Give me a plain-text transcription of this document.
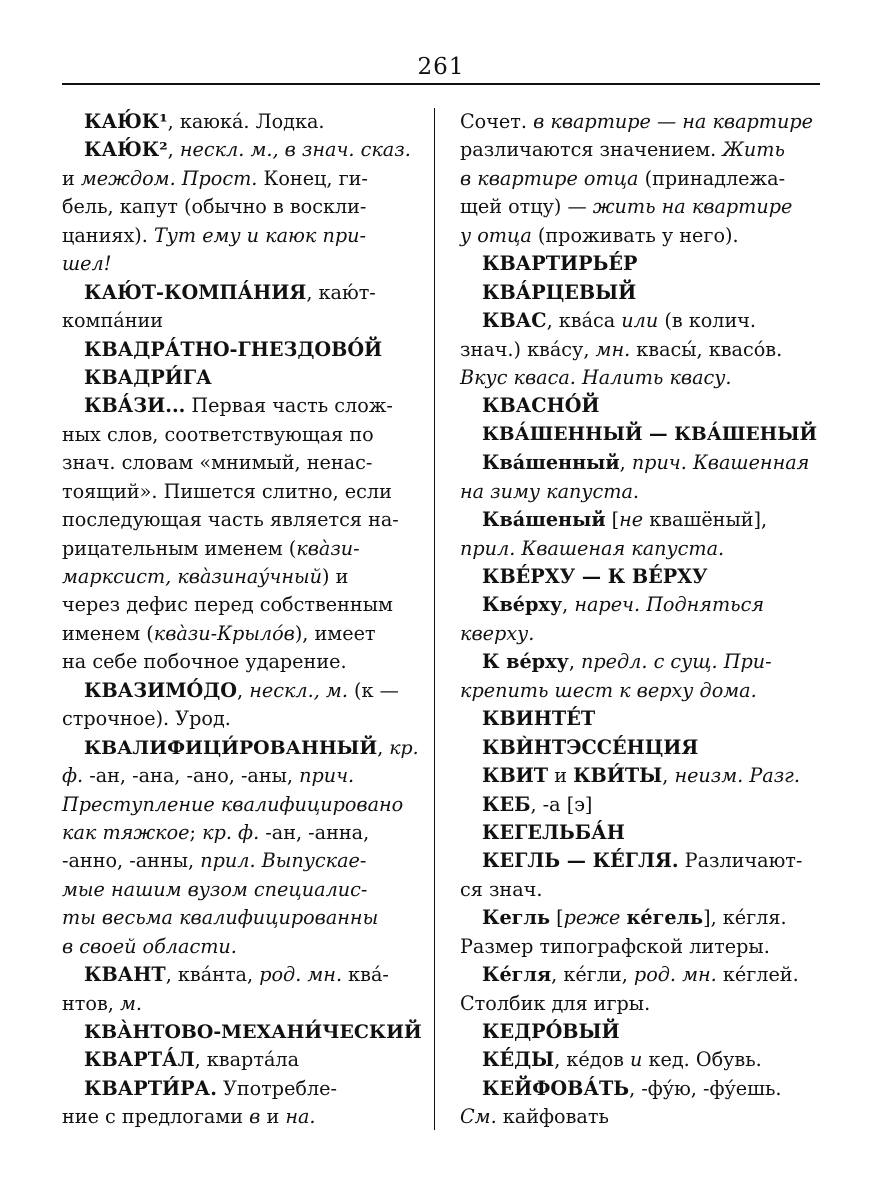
261
КАЮ́К¹, каюка́. Лодка.
КАЮ́К², нескл. м., в знач. сказ.
и междом. Прост. Конец, ги-
бель, капут (обычно в воскли-
цаниях). Тут ему и каюк при-
шел!
КАЮ́Т-КОМПА́НИЯ, каю́т-
компа́нии
КВАДРА́ТНО-ГНЕЗДОВО́Й
КВАДРИ́ГА
КВА́ЗИ... Первая часть слож-
ных слов, соответствующая по
знач. словам «мнимый, ненас-
тоящий». Пишется слитно, если
последующая часть является на-
рицательным именем (ква̀зи-
марксист, ква̀зинау́чный) и
через дефис перед собственным
именем (ква̀зи-Крыло́в), имеет
на себе побочное ударение.
КВАЗИМО́ДО, нескл., м. (к —
строчное). Урод.
КВАЛИФИЦИ́РОВАННЫЙ, кр.
ф. -ан, -ана, -ано, -аны, прич.
Преступление квалифицировано
как тяжкое; кр. ф. -ан, -анна,
-анно, -анны, прил. Выпускае-
мые нашим вузом специалис-
ты весьма квалифицированны
в своей области.
КВАНТ, ква́нта, род. мн. ква́-
нтов, м.
КВА̀НТОВО-МЕХАНИ́ЧЕСКИЙ
КВАРТА́Л, кварта́ла
КВАРТИ́РА. Употребле-
ние с предлогами в и на.
Сочет. в квартире — на квартире
различаются значением. Жить
в квартире отца (принадлежа-
щей отцу) — жить на квартире
у отца (проживать у него).
КВАРТИРЬЕ́Р
КВА́РЦЕВЫЙ
КВАС, ква́са или (в колич.
знач.) ква́су, мн. квасы́, квасо́в.
Вкус кваса. Налить квасу.
КВАСНО́Й
КВА́ШЕННЫЙ — КВА́ШЕНЫЙ
Ква́шенный, прич. Квашенная
на зиму капуста.
Ква́шеный [не квашёный],
прил. Квашеная капуста.
КВЕ́РХУ — К ВЕ́РХУ
Кве́рху, нареч. Подняться
кверху.
К ве́рху, предл. с сущ. При-
крепить шест к верху дома.
КВИНТЕ́Т
КВЍНТЭССЕ́НЦИЯ
КВИТ и КВИ́ТЫ, неизм. Разг.
КЕБ, -а [э]
КЕГЕЛЬБА́Н
КЕГЛЬ — КЕ́ГЛЯ. Различают-
ся знач.
Кегль [реже ке́гель], ке́гля.
Размер типографской литеры.
Ке́гля, ке́гли, род. мн. ке́глей.
Столбик для игры.
КЕДРО́ВЫЙ
КЕ́ДЫ, ке́дов и кед. Обувь.
КЕЙФОВА́ТЬ, -фу́ю, -фу́ешь.
См. кайфовать
